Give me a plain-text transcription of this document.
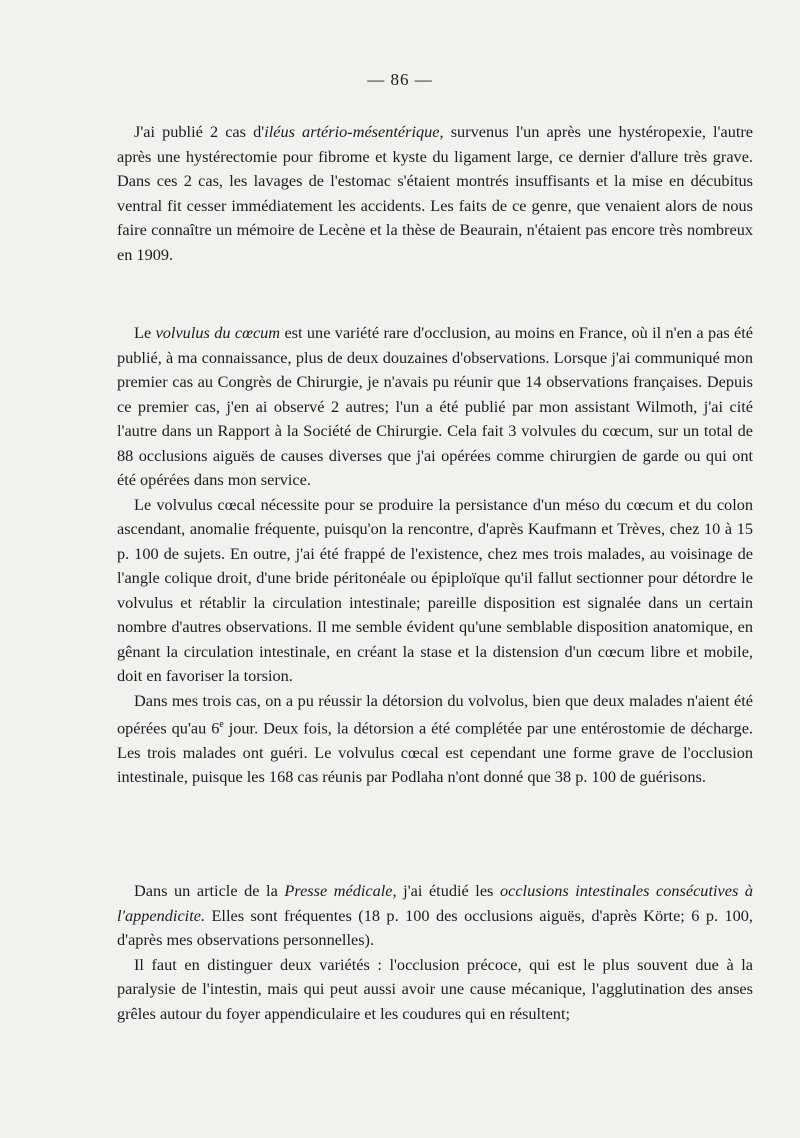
— 86 —

J'ai publié 2 cas d'iléus artério-mésentérique, survenus l'un après une hystéropexie, l'autre après une hystérectomie pour fibrome et kyste du ligament large, ce dernier d'allure très grave. Dans ces 2 cas, les lavages de l'estomac s'étaient montrés insuffisants et la mise en décubitus ventral fit cesser immédiatement les accidents. Les faits de ce genre, que venaient alors de nous faire connaître un mémoire de Lecène et la thèse de Beaurain, n'étaient pas encore très nombreux en 1909.

Le volvulus du cœcum est une variété rare d'occlusion, au moins en France, où il n'en a pas été publié, à ma connaissance, plus de deux douzaines d'observations. Lorsque j'ai communiqué mon premier cas au Congrès de Chirurgie, je n'avais pu réunir que 14 observations françaises. Depuis ce premier cas, j'en ai observé 2 autres; l'un a été publié par mon assistant Wilmoth, j'ai cité l'autre dans un Rapport à la Société de Chirurgie. Cela fait 3 volvules du cœcum, sur un total de 88 occlusions aiguës de causes diverses que j'ai opérées comme chirurgien de garde ou qui ont été opérées dans mon service.

Le volvulus cœcal nécessite pour se produire la persistance d'un méso du cœcum et du colon ascendant, anomalie fréquente, puisqu'on la rencontre, d'après Kaufmann et Trèves, chez 10 à 15 p. 100 de sujets. En outre, j'ai été frappé de l'existence, chez mes trois malades, au voisinage de l'angle colique droit, d'une bride péritonéale ou épiploïque qu'il fallut sectionner pour détordre le volvulus et rétablir la circulation intestinale; pareille disposition est signalée dans un certain nombre d'autres observations. Il me semble évident qu'une semblable disposition anatomique, en gênant la circulation intestinale, en créant la stase et la distension d'un cœcum libre et mobile, doit en favoriser la torsion.

Dans mes trois cas, on a pu réussir la détorsion du volvolus, bien que deux malades n'aient été opérées qu'au 6e jour. Deux fois, la détorsion a été complétée par une entérostomie de décharge. Les trois malades ont guéri. Le volvulus cœcal est cependant une forme grave de l'occlusion intestinale, puisque les 168 cas réunis par Podlaha n'ont donné que 38 p. 100 de guérisons.

Dans un article de la Presse médicale, j'ai étudié les occlusions intestinales consécutives à l'appendicite. Elles sont fréquentes (18 p. 100 des occlusions aiguës, d'après Körte; 6 p. 100, d'après mes observations personnelles).

Il faut en distinguer deux variétés : l'occlusion précoce, qui est le plus souvent due à la paralysie de l'intestin, mais qui peut aussi avoir une cause mécanique, l'agglutination des anses grêles autour du foyer appendiculaire et les coudures qui en résultent;
